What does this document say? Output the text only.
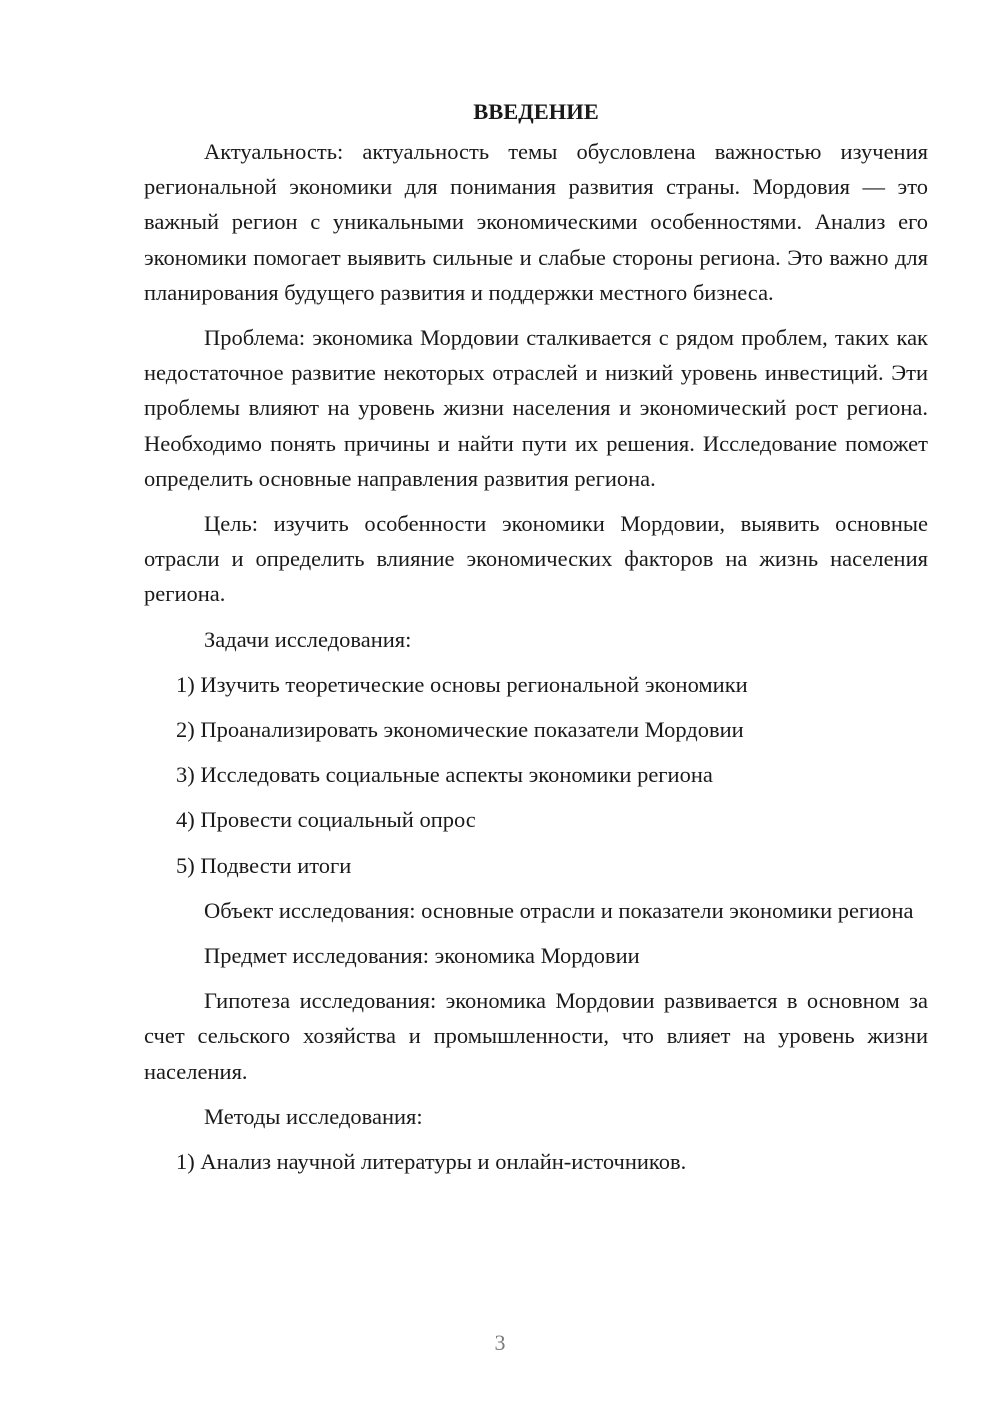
ВВЕДЕНИЕ

Актуальность: актуальность темы обусловлена важностью изучения региональной экономики для понимания развития страны. Мордовия — это важный регион с уникальными экономическими особенностями. Анализ его экономики помогает выявить сильные и слабые стороны региона. Это важно для планирования будущего развития и поддержки местного бизнеса.

Проблема: экономика Мордовии сталкивается с рядом проблем, таких как недостаточное развитие некоторых отраслей и низкий уровень инвестиций. Эти проблемы влияют на уровень жизни населения и экономический рост региона. Необходимо понять причины и найти пути их решения. Исследование поможет определить основные направления развития региона.

Цель: изучить особенности экономики Мордовии, выявить основные отрасли и определить влияние экономических факторов на жизнь населения региона.

Задачи исследования:

1) Изучить теоретические основы региональной экономики
2) Проанализировать экономические показатели Мордовии
3) Исследовать социальные аспекты экономики региона
4) Провести социальный опрос
5) Подвести итоги

Объект исследования: основные отрасли и показатели экономики региона

Предмет исследования: экономика Мордовии

Гипотеза исследования: экономика Мордовии развивается в основном за счет сельского хозяйства и промышленности, что влияет на уровень жизни населения.

Методы исследования:

1) Анализ научной литературы и онлайн-источников.
3
